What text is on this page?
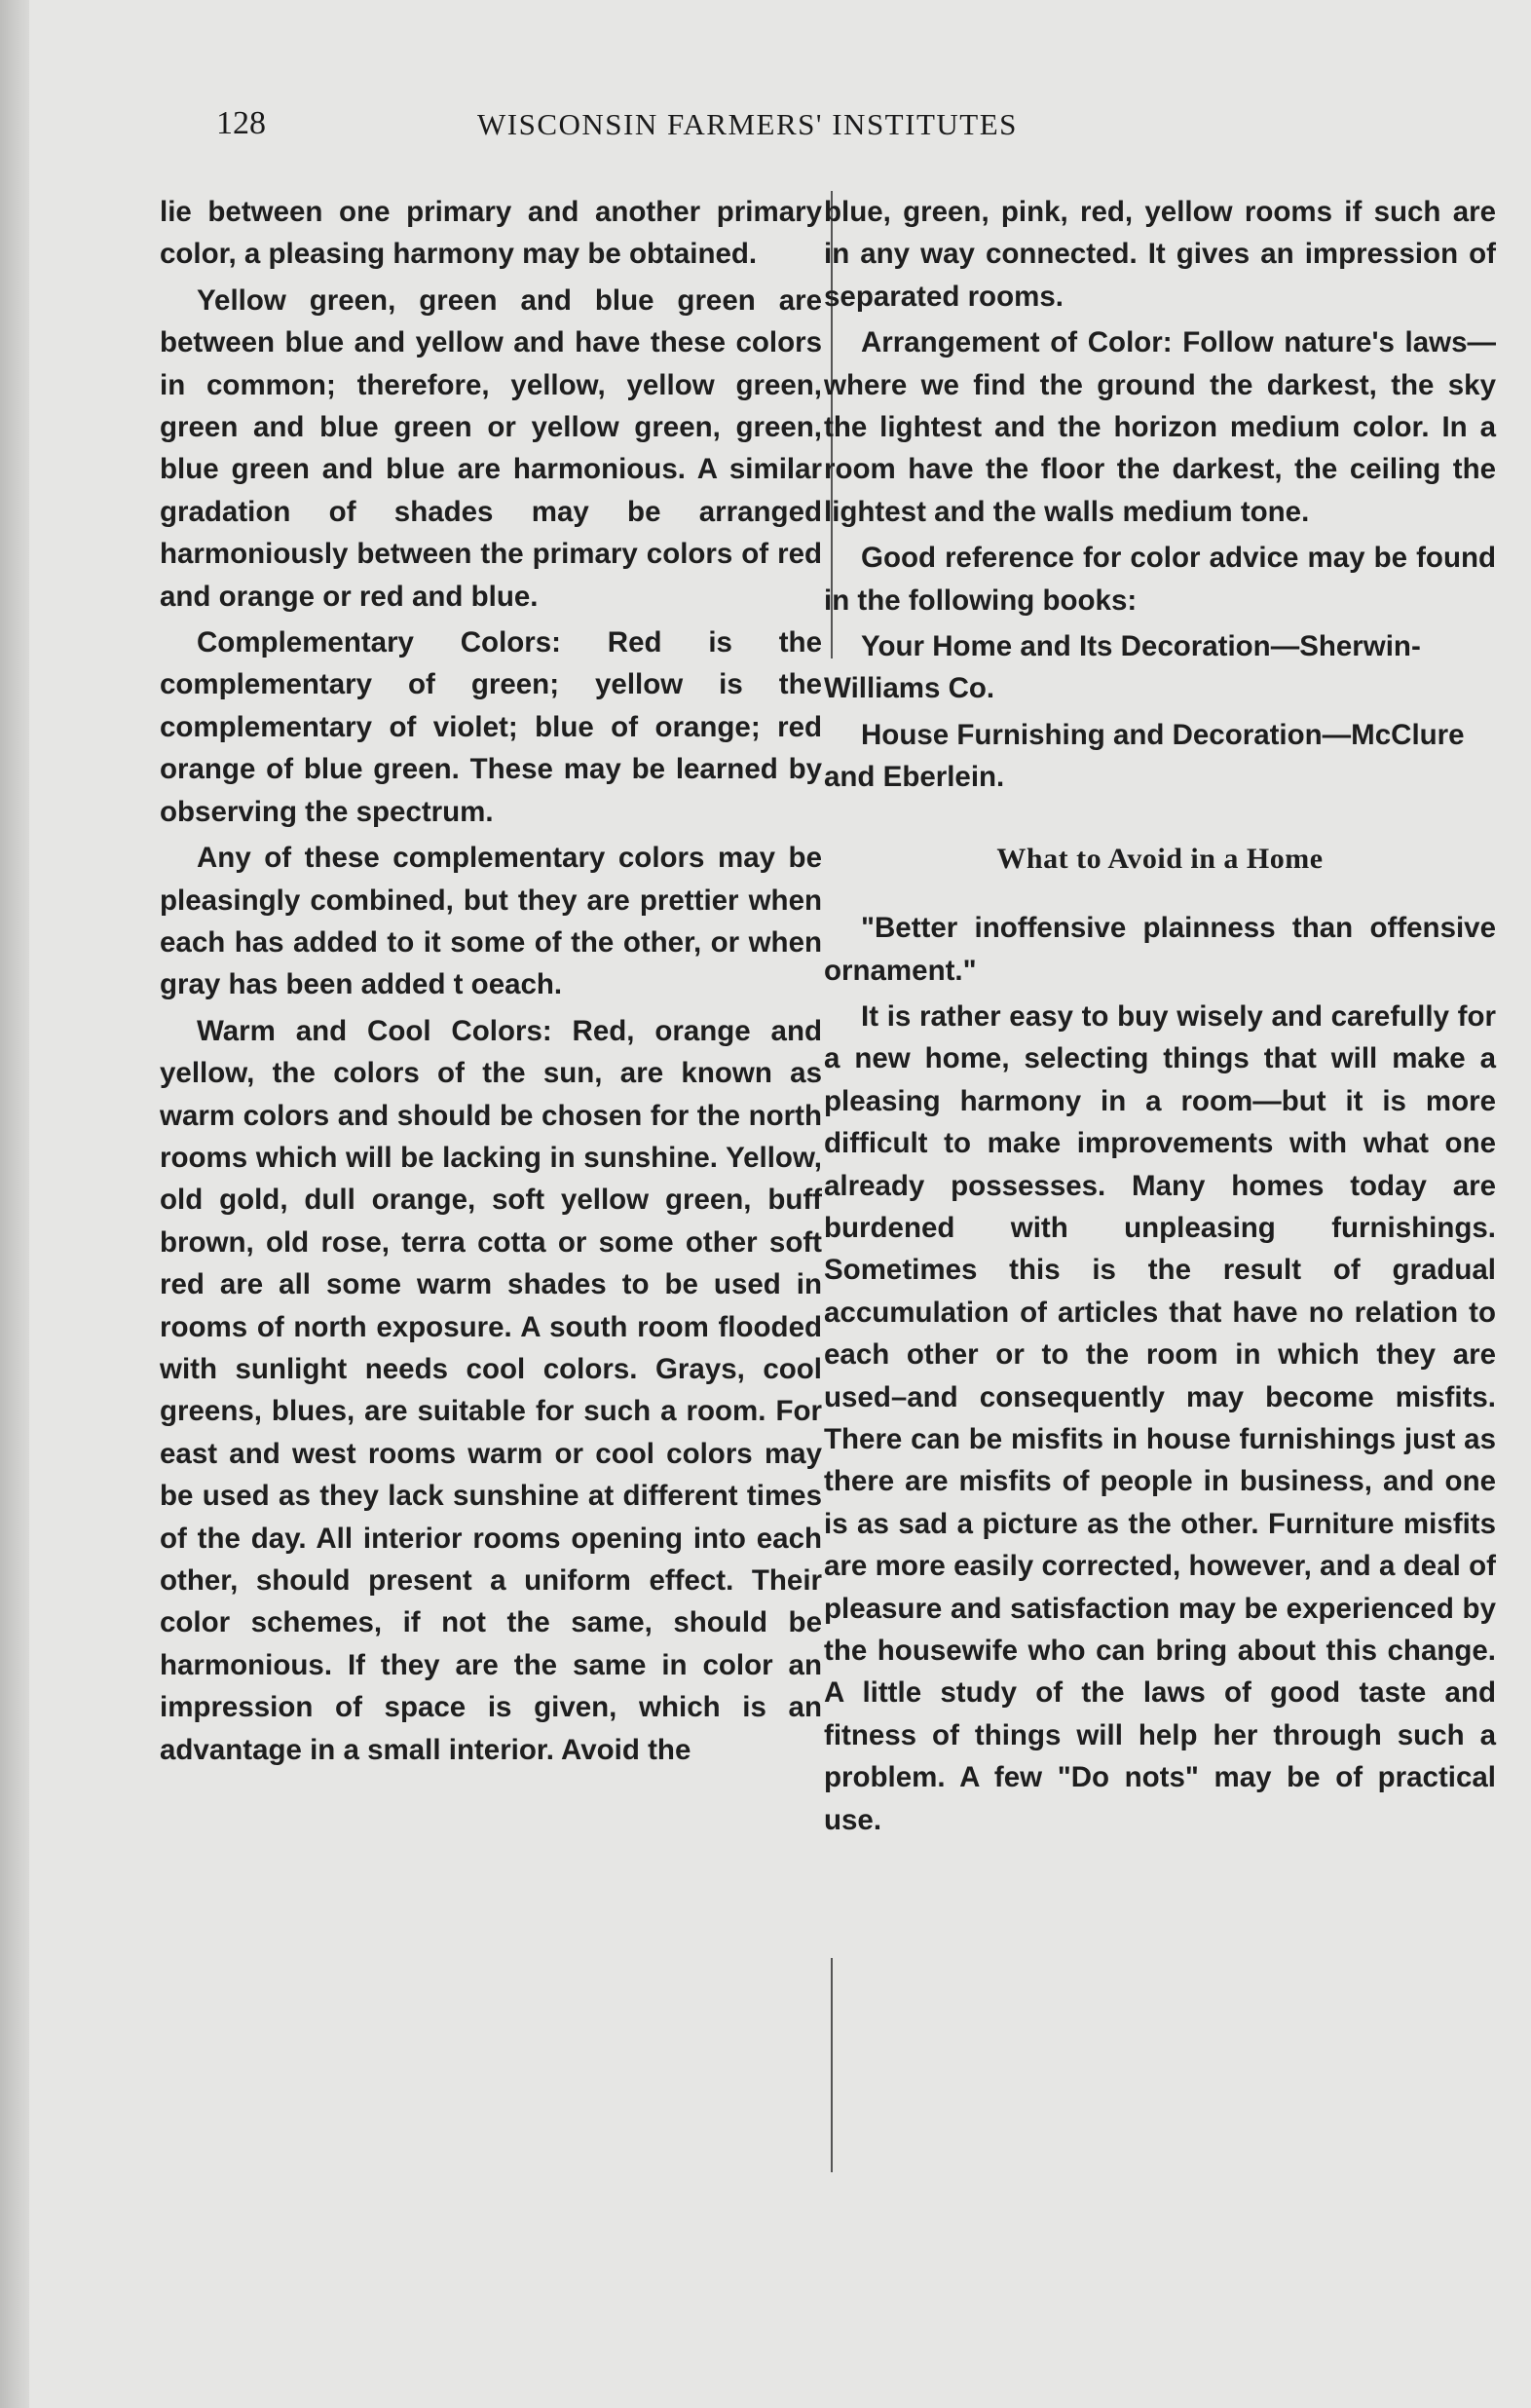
128	WISCONSIN FARMERS' INSTITUTES

lie between one primary and another primary color, a pleasing harmony may be obtained.

Yellow green, green and blue green are between blue and yellow and have these colors in common; therefore, yellow, yellow green, green and blue green or yellow green, green, blue green and blue are harmonious. A similar gradation of shades may be arranged harmoniously between the primary colors of red and orange or red and blue.

Complementary Colors: Red is the complementary of green; yellow is the complementary of violet; blue of orange; red orange of blue green. These may be learned by observing the spectrum.

Any of these complementary colors may be pleasingly combined, but they are prettier when each has added to it some of the other, or when gray has been added t oeach.

Warm and Cool Colors: Red, orange and yellow, the colors of the sun, are known as warm colors and should be chosen for the north rooms which will be lacking in sunshine. Yellow, old gold, dull orange, soft yellow green, buff brown, old rose, terra cotta or some other soft red are all some warm shades to be used in rooms of north exposure. A south room flooded with sunlight needs cool colors. Grays, cool greens, blues, are suitable for such a room. For east and west rooms warm or cool colors may be used as they lack sunshine at different times of the day. All interior rooms opening into each other, should present a uniform effect. Their color schemes, if not the same, should be harmonious. If they are the same in color an impression of space is given, which is an advantage in a small interior. Avoid the

blue, green, pink, red, yellow rooms if such are in any way connected. It gives an impression of separated rooms.

Arrangement of Color: Follow nature's laws—where we find the ground the darkest, the sky the lightest and the horizon medium color. In a room have the floor the darkest, the ceiling the lightest and the walls medium tone.

Good reference for color advice may be found in the following books:

Your Home and Its Decoration—Sherwin-Williams Co.

House Furnishing and Decoration—McClure and Eberlein.

What to Avoid in a Home

"Better inoffensive plainness than offensive ornament."

It is rather easy to buy wisely and carefully for a new home, selecting things that will make a pleasing harmony in a room—but it is more difficult to make improvements with what one already possesses. Many homes today are burdened with unpleasing furnishings. Sometimes this is the result of gradual accumulation of articles that have no relation to each other or to the room in which they are used–and consequently may become misfits. There can be misfits in house furnishings just as there are misfits of people in business, and one is as sad a picture as the other. Furniture misfits are more easily corrected, however, and a deal of pleasure and satisfaction may be experienced by the housewife who can bring about this change. A little study of the laws of good taste and fitness of things will help her through such a problem. A few "Do nots" may be of practical use.
